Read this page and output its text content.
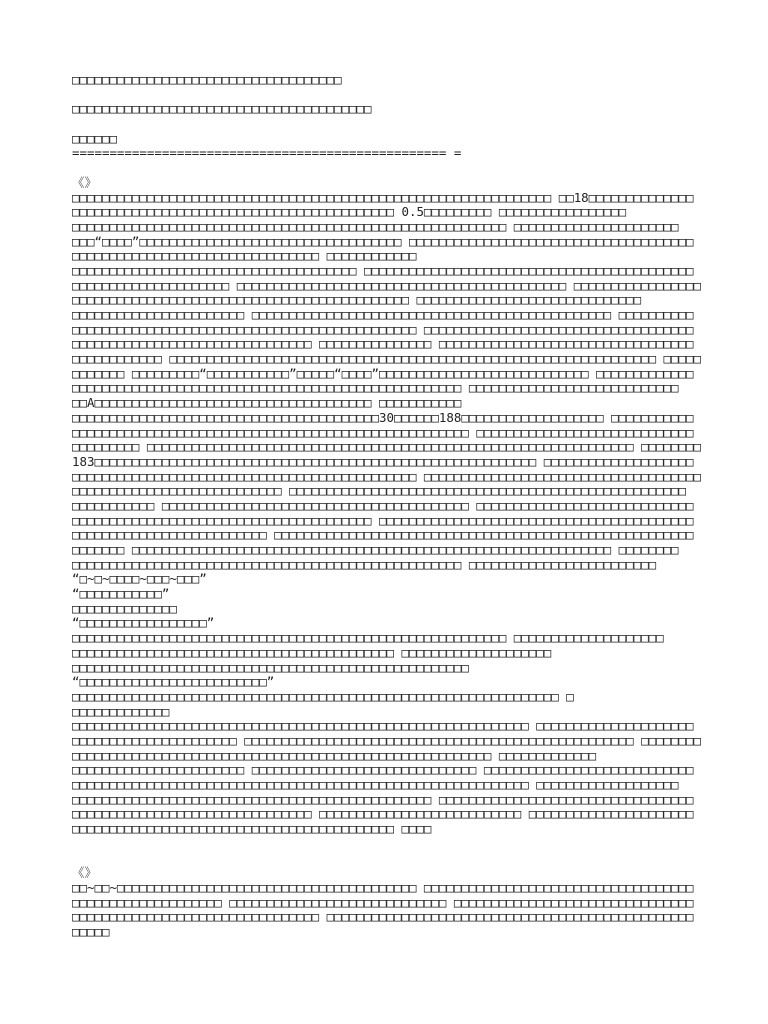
□□□□□□□□□□□□□□□□□□□□□□□□□□□□□□□□□□□□
□□□□□□□□□□□□□□□□□□□□□□□□□□□□□□□□□□□□□□□□
□□□□□□
================================================== =
《》
□□□□□□□□□□□□□□□□□□□□□□□□□□□□□□□□□□□□□□□□□□□□□□□□□□□□□□□□□□□□□□□□ □□18□□□□□□□□□□□□□□
□□□□□□□□□□□□□□□□□□□□□□□□□□□□□□□□□□□□□□□□□□□ 0.5□□□□□□□□□ □□□□□□□□□□□□□□□□□
□□□□□□□□□□□□□□□□□□□□□□□□□□□□□□□□□□□□□□□□□□□□□□□□□□□□□□□□□□ □□□□□□□□□□□□□□□□□□□□□□
□□□“□□□□”□□□□□□□□□□□□□□□□□□□□□□□□□□□□□□□□□□□ □□□□□□□□□□□□□□□□□□□□□□□□□□□□□□□□□□□□□□
□□□□□□□□□□□□□□□□□□□□□□□□□□□□□□□□□ □□□□□□□□□□□□
□□□□□□□□□□□□□□□□□□□□□□□□□□□□□□□□□□□□□□ □□□□□□□□□□□□□□□□□□□□□□□□□□□□□□□□□□□□□□□□□□□□
□□□□□□□□□□□□□□□□□□□□□ □□□□□□□□□□□□□□□□□□□□□□□□□□□□□□□□□□□□□□□□□□□□ □□□□□□□□□□□□□□□□□
□□□□□□□□□□□□□□□□□□□□□□□□□□□□□□□□□□□□□□□□□□□□□ □□□□□□□□□□□□□□□□□□□□□□□□□□□□□□
□□□□□□□□□□□□□□□□□□□□□□□ □□□□□□□□□□□□□□□□□□□□□□□□□□□□□□□□□□□□□□□□□□□□□□□□ □□□□□□□□□□
□□□□□□□□□□□□□□□□□□□□□□□□□□□□□□□□□□□□□□□□□□□□□□ □□□□□□□□□□□□□□□□□□□□□□□□□□□□□□□□□□□□
□□□□□□□□□□□□□□□□□□□□□□□□□□□□□□□□ □□□□□□□□□□□□□□□ □□□□□□□□□□□□□□□□□□□□□□□□□□□□□□□□□□
□□□□□□□□□□□□ □□□□□□□□□□□□□□□□□□□□□□□□□□□□□□□□□□□□□□□□□□□□□□□□□□□□□□□□□□□□□□□□□ □□□□□
□□□□□□□ □□□□□□□□□“□□□□□□□□□□□”□□□□□“□□□□”□□□□□□□□□□□□□□□□□□□□□□□□□□□□ □□□□□□□□□□□□□
□□□□□□□□□□□□□□□□□□□□□□□□□□□□□□□□□□□□□□□□□□□□□□□□□□□□ □□□□□□□□□□□□□□□□□□□□□□□□□□□□
□□A□□□□□□□□□□□□□□□□□□□□□□□□□□□□□□□□□□□□□ □□□□□□□□□□□
□□□□□□□□□□□□□□□□□□□□□□□□□□□□□□□□□□□□□□□□□30□□□□□□188□□□□□□□□□□□□□□□□□□□ □□□□□□□□□□□
□□□□□□□□□□□□□□□□□□□□□□□□□□□□□□□□□□□□□□□□□□□□□□□□□□□□□ □□□□□□□□□□□□□□□□□□□□□□□□□□□□□
□□□□□□□□□ □□□□□□□□□□□□□□□□□□□□□□□□□□□□□□□□□□□□□□□□□□□□□□□□□□□□□□□□□□□□□□□□□ □□□□□□□□
183□□□□□□□□□□□□□□□□□□□□□□□□□□□□□□□□□□□□□□□□□□□□□□□□□□□□□□□□□□□ □□□□□□□□□□□□□□□□□□□□
□□□□□□□□□□□□□□□□□□□□□□□□□□□□□□□□□□□□□□□□□□□□□□ □□□□□□□□□□□□□□□□□□□□□□□□□□□□□□□□□□□□□
□□□□□□□□□□□□□□□□□□□□□□□□□□□□ □□□□□□□□□□□□□□□□□□□□□□□□□□□□□□□□□□□□□□□□□□□□□□□□□□□□□
□□□□□□□□□□□ □□□□□□□□□□□□□□□□□□□□□□□□□□□□□□□□□□□□□□□□□ □□□□□□□□□□□□□□□□□□□□□□□□□□□□□
□□□□□□□□□□□□□□□□□□□□□□□□□□□□□□□□□□□□□□□□ □□□□□□□□□□□□□□□□□□□□□□□□□□□□□□□□□□□□□□□□□□
□□□□□□□□□□□□□□□□□□□□□□□□□□ □□□□□□□□□□□□□□□□□□□□□□□□□□□□□□□□□□□□□□□□□□□□□□□□□□□□□□□□
□□□□□□□ □□□□□□□□□□□□□□□□□□□□□□□□□□□□□□□□□□□□□□□□□□□□□□□□□□□□□□□□□□□□□□□□ □□□□□□□□
□□□□□□□□□□□□□□□□□□□□□□□□□□□□□□□□□□□□□□□□□□□□□□□□□□□□ □□□□□□□□□□□□□□□□□□□□□□□□□
“□~□~□□□□~□□□~□□□”
“□□□□□□□□□□□”
□□□□□□□□□□□□□□
“□□□□□□□□□□□□□□□□□”
□□□□□□□□□□□□□□□□□□□□□□□□□□□□□□□□□□□□□□□□□□□□□□□□□□□□□□□□□□ □□□□□□□□□□□□□□□□□□□□
□□□□□□□□□□□□□□□□□□□□□□□□□□□□□□□□□□□□□□□□□□□ □□□□□□□□□□□□□□□□□□□□
□□□□□□□□□□□□□□□□□□□□□□□□□□□□□□□□□□□□□□□□□□□□□□□□□□□□□
“□□□□□□□□□□□□□□□□□□□□□□□□□”
□□□□□□□□□□□□□□□□□□□□□□□□□□□□□□□□□□□□□□□□□□□□□□□□□□□□□□□□□□□□□□□□□ □
□□□□□□□□□□□□□
□□□□□□□□□□□□□□□□□□□□□□□□□□□□□□□□□□□□□□□□□□□□□□□□□□□□□□□□□□□□□ □□□□□□□□□□□□□□□□□□□□□
□□□□□□□□□□□□□□□□□□□□□□ □□□□□□□□□□□□□□□□□□□□□□□□□□□□□□□□□□□□□□□□□□□□□□□□□□□□ □□□□□□□□
□□□□□□□□□□□□□□□□□□□□□□□□□□□□□□□□□□□□□□□□□□□□□□□□□□□□□□□□ □□□□□□□□□□□□□
□□□□□□□□□□□□□□□□□□□□□□□ □□□□□□□□□□□□□□□□□□□□□□□□□□□□□□ □□□□□□□□□□□□□□□□□□□□□□□□□□□□
□□□□□□□□□□□□□□□□□□□□□□□□□□□□□□□□□□□□□□□□□□□□□□□□□□□□□□□□□□□□□ □□□□□□□□□□□□□□□□□□□
□□□□□□□□□□□□□□□□□□□□□□□□□□□□□□□□□□□□□□□□□□□□□□□□ □□□□□□□□□□□□□□□□□□□□□□□□□□□□□□□□□□
□□□□□□□□□□□□□□□□□□□□□□□□□□□□□□□□ □□□□□□□□□□□□□□□□□□□□□□□□□□□ □□□□□□□□□□□□□□□□□□□□□□
□□□□□□□□□□□□□□□□□□□□□□□□□□□□□□□□□□□□□□□□□□□ □□□□
《》
□□~□□~□□□□□□□□□□□□□□□□□□□□□□□□□□□□□□□□□□□□□□□□ □□□□□□□□□□□□□□□□□□□□□□□□□□□□□□□□□□□□
□□□□□□□□□□□□□□□□□□□□ □□□□□□□□□□□□□□□□□□□□□□□□□□□□□ □□□□□□□□□□□□□□□□□□□□□□□□□□□□□□□□
□□□□□□□□□□□□□□□□□□□□□□□□□□□□□□□□□ □□□□□□□□□□□□□□□□□□□□□□□□□□□□□□□□□□□□□□□□□□□□□□□□□
□□□□□
